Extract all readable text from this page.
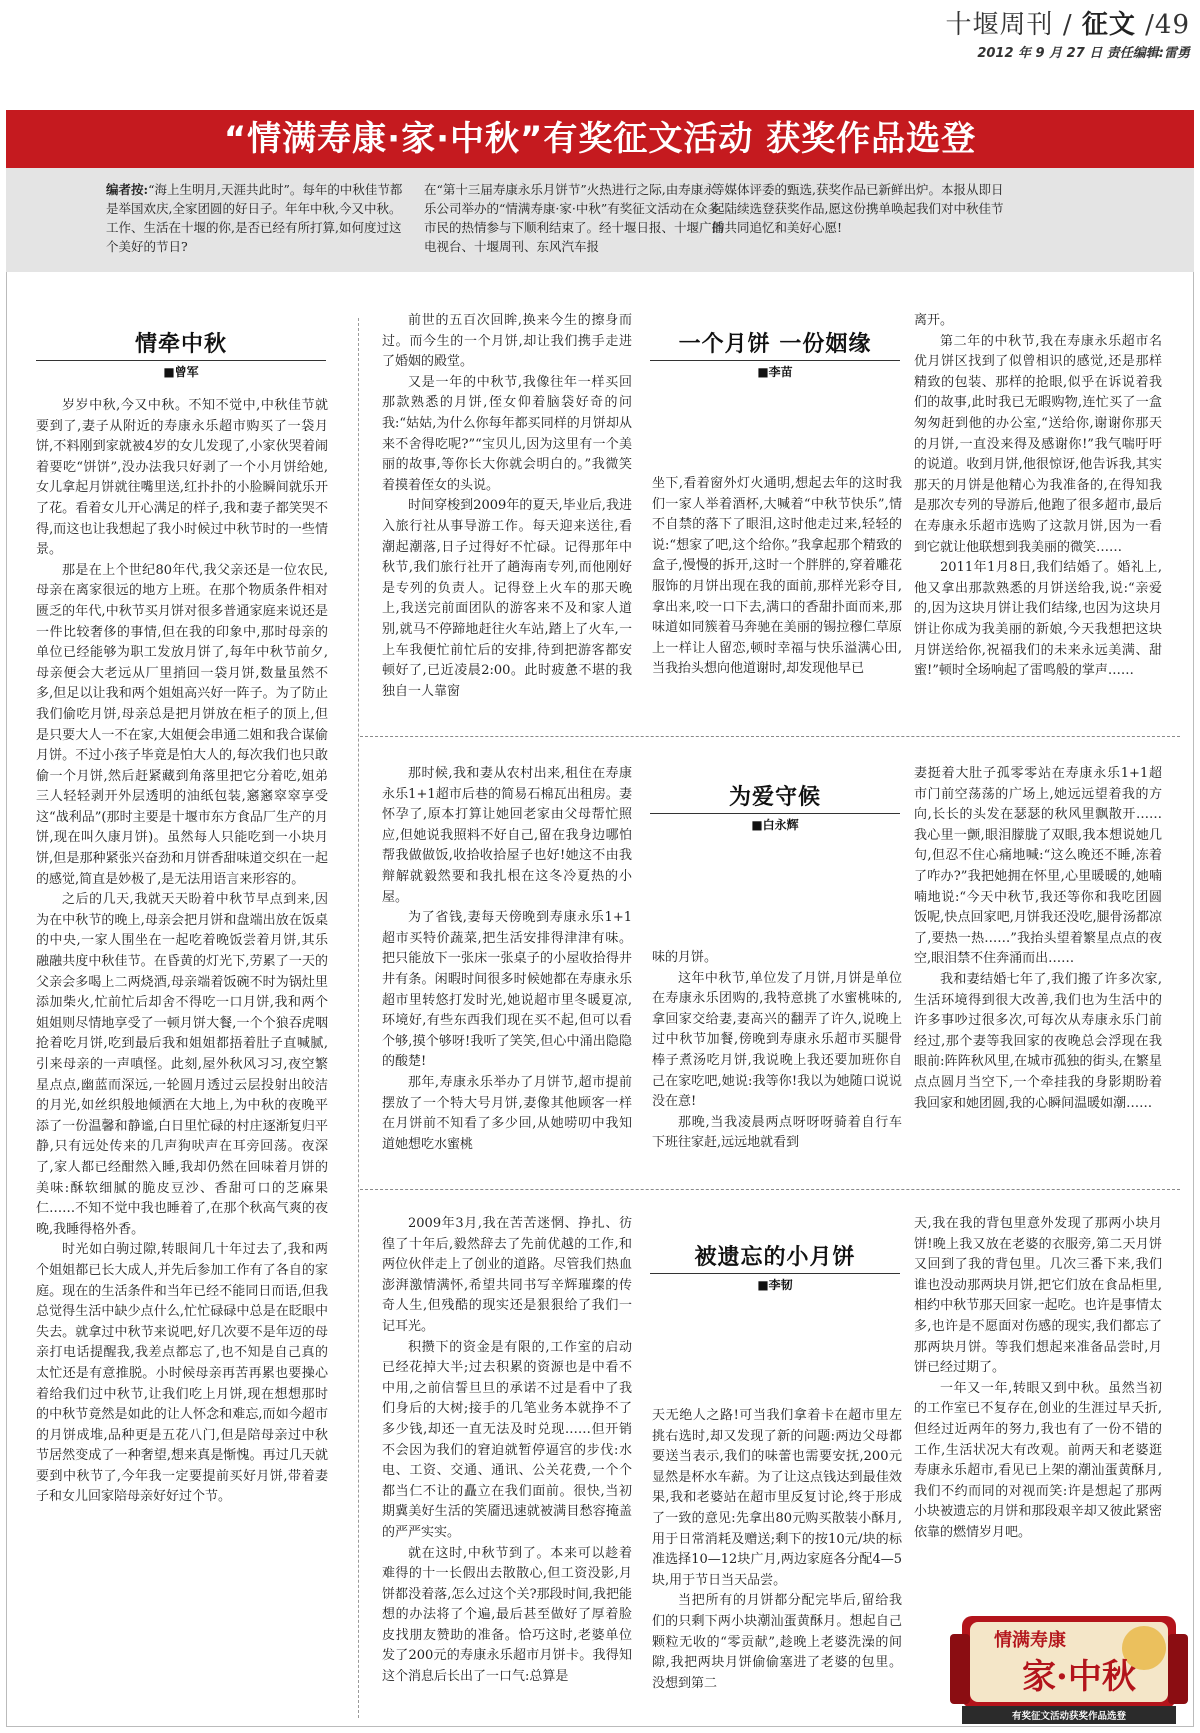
十堰周刊 / 征文 /49
2012 年 9 月 27 日 责任编辑:雷勇
“情满寿康·家·中秋”有奖征文活动 获奖作品选登
编者按:“海上生明月,天涯共此时”。每年的中秋佳节都是举国欢庆,全家团圆的好日子。年年中秋,今又中秋。工作、生活在十堰的你,是否已经有所打算,如何度过这个美好的节日?
在“第十三届寿康永乐月饼节”火热进行之际,由寿康永乐公司举办的“情满寿康·家·中秋”有奖征文活动在众多市民的热情参与下顺利结束了。经十堰日报、十堰广播电视台、十堰周刊、东风汽车报
等媒体评委的甄选,获奖作品已新鲜出炉。本报从即日起陆续选登获奖作品,愿这份携单唤起我们对中秋佳节的共同追忆和美好心愿!
情牵中秋
■曾军

岁岁中秋,今又中秋。不知不觉中,中秋佳节就要到了,妻子从附近的寿康永乐超市购买了一袋月饼,不料刚到家就被4岁的女儿发现了,小家伙哭着闹着要吃“饼饼”,没办法我只好剥了一个小月饼给她,女儿拿起月饼就往嘴里送,红扑扑的小脸瞬间就乐开了花。看着女儿开心满足的样子,我和妻子都笑哭不得,而这也让我想起了我小时候过中秋节时的一些情景。

那是在上个世纪80年代,我父亲还是一位农民,母亲在离家很远的地方上班。在那个物质条件相对匮乏的年代,中秋节买月饼对很多普通家庭来说还是一件比较奢侈的事情,但在我的印象中,那时母亲的单位已经能够为职工发放月饼了,每年中秋节前夕,母亲便会大老远从厂里捎回一袋月饼,数量虽然不多,但足以让我和两个姐姐高兴好一阵子。为了防止我们偷吃月饼,母亲总是把月饼放在柜子的顶上,但是只要大人一不在家,大姐便会串通二姐和我合谋偷月饼。不过小孩子毕竟是怕大人的,每次我们也只敢偷一个月饼,然后赶紧藏到角落里把它分着吃,姐弟三人轻轻剥开外层透明的油纸包装,窸窸窣窣享受这“战利品”(那时主要是十堰市东方食品厂生产的月饼,现在叫久康月饼)。虽然每人只能吃到一小块月饼,但是那种紧张兴奋劲和月饼香甜味道交织在一起的感觉,简直是妙极了,是无法用语言来形容的。

之后的几天,我就天天盼着中秋节早点到来,因为在中秋节的晚上,母亲会把月饼和盘端出放在饭桌的中央,一家人围坐在一起吃着晚饭尝着月饼,其乐融融共度中秋佳节。在昏黄的灯光下,劳累了一天的父亲会多喝上二两烧酒,母亲端着饭碗不时为锅灶里添加柴火,忙前忙后却舍不得吃一口月饼,我和两个姐姐则尽情地享受了一顿月饼大餐,一个个狼吞虎咽抢着吃月饼,吃到最后我和姐姐都捂着肚子直喊腻,引来母亲的一声嗔怪。此刻,屋外秋风习习,夜空繁星点点,幽蓝而深远,一轮圆月透过云层投射出皎洁的月光,如丝织般地倾洒在大地上,为中秋的夜晚平添了一份温馨和静谧,白日里忙碌的村庄逐渐复归平静,只有远处传来的几声狗吠声在耳旁回荡。夜深了,家人都已经酣然入睡,我却仍然在回味着月饼的美味:酥软细腻的脆皮豆沙、香甜可口的芝麻果仁……不知不觉中我也睡着了,在那个秋高气爽的夜晚,我睡得格外香。

时光如白驹过隙,转眼间几十年过去了,我和两个姐姐都已长大成人,并先后参加工作有了各自的家庭。现在的生活条件和当年已经不能同日而语,但我总觉得生活中缺少点什么,忙忙碌碌中总是在眨眼中失去。就拿过中秋节来说吧,好几次要不是年迈的母亲打电话提醒我,我差点都忘了,也不知是自己真的太忙还是有意推脱。小时候母亲再苦再累也要操心着给我们过中秋节,让我们吃上月饼,现在想想那时的中秋节竟然是如此的让人怀念和难忘,而如今超市的月饼成堆,品种更是五花八门,但是陪母亲过中秋节居然变成了一种奢望,想来真是惭愧。再过几天就要到中秋节了,今年我一定要提前买好月饼,带着妻子和女儿回家陪母亲好好过个节。

前世的五百次回眸,换来今生的擦身而过。而今生的一个月饼,却让我们携手走进了婚姻的殿堂。

又是一年的中秋节,我像往年一样买回那款熟悉的月饼,侄女仰着脑袋好奇的问我:“姑姑,为什么你每年都买同样的月饼却从来不舍得吃呢?”“宝贝儿,因为这里有一个美丽的故事,等你长大你就会明白的。”我微笑着摸着侄女的头说。

时间穿梭到2009年的夏天,毕业后,我进入旅行社从事导游工作。每天迎来送往,看潮起潮落,日子过得好不忙碌。记得那年中秋节,我们旅行社开了趟海南专列,而他刚好是专列的负责人。记得登上火车的那天晚上,我送完前面团队的游客来不及和家人道别,就马不停蹄地赶往火车站,踏上了火车,一上车我便忙前忙后的安排,待到把游客都安顿好了,已近凌晨2:00。此时疲惫不堪的我独自一人靠窗

一个月饼 一份姻缘
■李苗

坐下,看着窗外灯火通明,想起去年的这时我们一家人举着酒杯,大喊着“中秋节快乐”,情不自禁的落下了眼泪,这时他走过来,轻轻的说:“想家了吧,这个给你。”我拿起那个精致的盒子,慢慢的拆开,这时一个胖胖的,穿着雕花服饰的月饼出现在我的面前,那样光彩夺目,拿出来,咬一口下去,满口的香甜扑面而来,那味道如同簇着马奔驰在美丽的锡拉穆仁草原上一样让人留恋,顿时幸福与快乐溢满心田,当我抬头想向他道谢时,却发现他早已

离开。

第二年的中秋节,我在寿康永乐超市名优月饼区找到了似曾相识的感觉,还是那样精致的包装、那样的抢眼,似乎在诉说着我们的故事,此时我已无暇购物,连忙买了一盒匆匆赶到他的办公室,“送给你,谢谢你那天的月饼,一直没来得及感谢你!”我气喘吁吁的说道。收到月饼,他很惊讶,他告诉我,其实那天的月饼是他精心为我准备的,在得知我是那次专列的导游后,他跑了很多超市,最后在寿康永乐超市选购了这款月饼,因为一看到它就让他联想到我美丽的微笑……

2011年1月8日,我们结婚了。婚礼上,他又拿出那款熟悉的月饼送给我,说:“亲爱的,因为这块月饼让我们结缘,也因为这块月饼让你成为我美丽的新娘,今天我想把这块月饼送给你,祝福我们的未来永远美满、甜蜜!”顿时全场响起了雷鸣般的掌声……

那时候,我和妻从农村出来,租住在寿康永乐1+1超市后巷的简易石棉瓦出租房。妻怀孕了,原本打算让她回老家由父母帮忙照应,但她说我照料不好自己,留在我身边哪怕帮我做做饭,收拾收拾屋子也好!她这不由我辩解就毅然要和我扎根在这冬冷夏热的小屋。

为了省钱,妻每天傍晚到寿康永乐1+1超市买特价蔬菜,把生活安排得津津有味。把只能放下一张床一张桌子的小屋收拾得井井有条。闲暇时间很多时候她都在寿康永乐超市里转悠打发时光,她说超市里冬暖夏凉,环境好,有些东西我们现在买不起,但可以看个够,摸个够呀!我听了笑笑,但心中涌出隐隐的酸楚!

那年,寿康永乐举办了月饼节,超市提前摆放了一个特大号月饼,妻像其他顾客一样在月饼前不知看了多少回,从她唠叨中我知道她想吃水蜜桃

为爱守候
■白永辉

味的月饼。

这年中秋节,单位发了月饼,月饼是单位在寿康永乐团购的,我特意挑了水蜜桃味的,拿回家交给妻,妻高兴的翻弄了许久,说晚上过中秋节加餐,傍晚到寿康永乐超市买腿骨棒子煮汤吃月饼,我说晚上我还要加班你自己在家吃吧,她说:我等你!我以为她随口说说没在意!

那晚,当我凌晨两点呀呀呀骑着自行车下班往家赶,远远地就看到

妻挺着大肚子孤零零站在寿康永乐1+1超市门前空荡荡的广场上,她远远望着我的方向,长长的头发在瑟瑟的秋风里飘散开……我心里一颤,眼泪朦胧了双眼,我本想说她几句,但忍不住心痛地喊:“这么晚还不睡,冻着了咋办?”我把她拥在怀里,心里暖暖的,她喃喃地说:“今天中秋节,我还等你和我吃团圆饭呢,快点回家吧,月饼我还没吃,腿骨汤都凉了,要热一热……”我抬头望着繁星点点的夜空,眼泪禁不住奔涌而出……

我和妻结婚七年了,我们搬了许多次家,生活环境得到很大改善,我们也为生活中的许多事吵过很多次,可每次从寿康永乐门前经过,那个妻等我回家的夜晚总会浮现在我眼前:阵阵秋风里,在城市孤独的街头,在繁星点点圆月当空下,一个牵挂我的身影期盼着我回家和她团圆,我的心瞬间温暖如潮……

2009年3月,我在苦苦迷惘、挣扎、彷徨了十年后,毅然辞去了先前优越的工作,和两位伙伴走上了创业的道路。尽管我们热血澎湃激情满怀,希望共同书写辛辉璀璨的传奇人生,但残酷的现实还是狠狠给了我们一记耳光。

积攒下的资金是有限的,工作室的启动已经花掉大半;过去积累的资源也是中看不中用,之前信誓旦旦的承诺不过是看中了我们身后的大树;接手的几笔业务本就挣不了多少钱,却还一直无法及时兑现……但开销不会因为我们的窘迫就暂停逼宫的步伐:水电、工资、交通、通讯、公关花费,一个个都当仁不让的矗立在我们面前。很快,当初期冀美好生活的笑靥迅速就被满目愁容掩盖的严严实实。

就在这时,中秋节到了。本来可以趁着难得的十一长假出去散散心,但工资没影,月饼都没着落,怎么过这个关?那段时间,我把能想的办法将了个遍,最后甚至做好了厚着脸皮找朋友赞助的准备。恰巧这时,老婆单位发了200元的寿康永乐超市月饼卡。我得知这个消息后长出了一口气:总算是

被遗忘的小月饼
■李韧

天无绝人之路!可当我们拿着卡在超市里左挑右选时,却又发现了新的问题:两边父母都要送当表示,我们的味蕾也需要安抚,200元显然是杯水车薪。为了让这点钱达到最佳效果,我和老婆站在超市里反复讨论,终于形成了一致的意见:先拿出80元购买散装小酥月,用于日常消耗及赠送;剩下的按10元/块的标准选择10—12块广月,两边家庭各分配4—5块,用于节日当天品尝。

当把所有的月饼都分配完毕后,留给我们的只剩下两小块潮汕蛋黄酥月。想起自己颗粒无收的“零贡献”,趁晚上老婆洗澡的间隙,我把两块月饼偷偷塞进了老婆的包里。没想到第二

天,我在我的背包里意外发现了那两小块月饼!晚上我又放在老婆的衣服旁,第二天月饼又回到了我的背包里。几次三番下来,我们谁也没动那两块月饼,把它们放在食品柜里,相约中秋节那天回家一起吃。也许是事情太多,也许是不愿面对伤感的现实,我们都忘了那两块月饼。等我们想起来准备品尝时,月饼已经过期了。

一年又一年,转眼又到中秋。虽然当初的工作室已不复存在,创业的生涯过早夭折,但经过近两年的努力,我也有了一份不错的工作,生活状况大有改观。前两天和老婆逛寿康永乐超市,看见已上架的潮汕蛋黄酥月,我们不约而同的对视而笑:许是想起了那两小块被遗忘的月饼和那段艰辛却又彼此紧密依靠的燃情岁月吧。

情满寿康
家·中秋
有奖征文活动获奖作品选登
